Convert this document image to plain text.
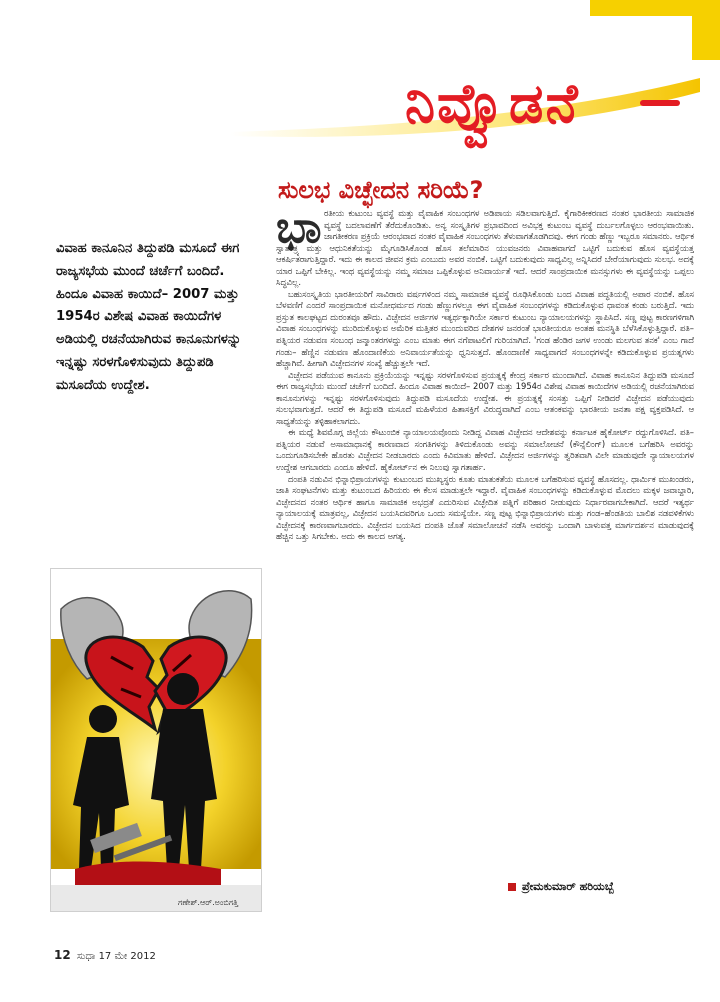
ನಿವ್ವೊಡನೆ
ಸುಲಭ ವಿಚ್ಛೇದನ ಸರಿಯೆ?
ವಿವಾಹ ಕಾನೂನಿನ ತಿದ್ದುಪಡಿ ಮಸೂದೆ ಈಗ ರಾಜ್ಯಸಭೆಯ ಮುಂದೆ ಚರ್ಚೆಗೆ ಬಂದಿದೆ. ಹಿಂದೂ ವಿವಾಹ ಕಾಯಿದೆ– 2007 ಮತ್ತು 1954ರ ವಿಶೇಷ ವಿವಾಹ ಕಾಯಿದೆಗಳ ಅಡಿಯಲ್ಲಿ ರಚನೆಯಾಗಿರುವ ಕಾನೂನುಗಳನ್ನು ಇನ್ನಷ್ಟು ಸರಳಗೊಳಿಸುವುದು ತಿದ್ದುಪಡಿ ಮಸೂದೆಯ ಉದ್ದೇಶ.
ಭಾ ರತೀಯ ಕುಟುಂಬ ವ್ಯವಸ್ಥೆ ಮತ್ತು ವೈವಾಹಿಕ ಸಂಬಂಧಗಳ ಅಡಿಪಾಯ ಸಡಿಲವಾಗುತ್ತಿದೆ. ಕೈಗಾರಿಕೀಕರಣದ ನಂತರ ಭಾರತೀಯ ಸಾಮಾಜಿಕ ವ್ಯವಸ್ಥೆ ಬದಲಾವಣೆಗೆ ತೆರೆದುಕೊಂಡಿತು. ಅನ್ಯ ಸಂಸ್ಕೃತಿಗಳ ಪ್ರಭಾವದಿಂದ ಅವಿಭಕ್ತ ಕುಟುಂಬ ವ್ಯವಸ್ಥೆ ದುರ್ಬಲಗೊಳ್ಳಲು ಆರಂಭವಾಯಿತು. ಜಾಗತೀಕರಣ ಪ್ರಕ್ರಿಯೆ ಆರಂಭವಾದ ನಂತರ ವೈವಾಹಿಕ ಸಂಬಂಧಗಳು ತೆಳುವಾಗತೊಡಗಿದವು. ಈಗ ಗಂಡು ಹೆಣ್ಣು ಇಬ್ಬರೂ ಸಮಾನರು. ಆರ್ಥಿಕ ಸ್ವಾತಂತ್ರ್ಯ ಮತ್ತು ಆಧುನಿಕತೆಯನ್ನು ಮೈಗೂಡಿಸಿಕೊಂಡ ಹೊಸ ತಲೆಮಾರಿನ ಯುವಜನರು ವಿವಾಹವಾಗದೆ ಒಟ್ಟಿಗೆ ಬದುಕುವ ಹೊಸ ವ್ಯವಸ್ಥೆಯತ್ತ ಆಕರ್ಷಿತರಾಗುತ್ತಿದ್ದಾರೆ. ಇದು ಈ ಕಾಲದ ಜೀವನ ಕ್ರಮ ಎಂಬುದು ಅವರ ನಂಬಿಕೆ. ಒಟ್ಟಿಗೆ ಬದುಕುವುದು ಸಾಧ್ಯವಿಲ್ಲ ಅನ್ನಿಸಿದರೆ ಬೇರೆಯಾಗುವುದು ಸುಲಭ. ಅದಕ್ಕೆ ಯಾರ ಒಪ್ಪಿಗೆ ಬೇಕಿಲ್ಲ. ಇಂಥ ವ್ಯವಸ್ಥೆಯನ್ನು ನಮ್ಮ ಸಮಾಜ ಒಪ್ಪಿಕೊಳ್ಳುವ ಅನಿವಾರ್ಯತೆ ಇದೆ. ಆದರೆ ಸಾಂಪ್ರದಾಯಿಕ ಮನಸ್ಸುಗಳು ಈ ವ್ಯವಸ್ಥೆಯನ್ನು ಒಪ್ಪಲು ಸಿದ್ಧವಿಲ್ಲ.

ಬಹುಸಂಸ್ಕೃತಿಯ ಭಾರತೀಯರಿಗೆ ಸಾವಿರಾರು ವರ್ಷಗಳಿಂದ ನಮ್ಮ ಸಾಮಾಜಿಕ ವ್ಯವಸ್ಥೆ ರೂಢಿಸಿಕೊಂಡು ಬಂದ ವಿವಾಹ ಪದ್ಧತಿಯಲ್ಲಿ ಅಪಾರ ನಂಬಿಕೆ. ಹೊಸ ಬೆಳವಣಿಗೆ ಎಂದರೆ ಸಾಂಪ್ರದಾಯಿಕ ಮನೋಧರ್ಮದ ಗಂಡು ಹೆಣ್ಣುಗಳಲ್ಲೂ ಈಗ ವೈವಾಹಿಕ ಸಂಬಂಧಗಳನ್ನು ಕಡಿದುಕೊಳ್ಳುವ ಧಾವಂತ ಕಂಡು ಬರುತ್ತಿದೆ. ಇದು ಪ್ರಸ್ತುತ ಕಾಲಘಟ್ಟದ ದುರಂತವೂ ಹೌದು. ವಿಚ್ಛೇದನ ಅರ್ಜಿಗಳ ಇತ್ಯರ್ಥಕ್ಕಾಗಿಯೇ ಸರ್ಕಾರ ಕುಟುಂಬ ನ್ಯಾಯಾಲಯಗಳನ್ನು ಸ್ಥಾಪಿಸಿದೆ. ಸಣ್ಣ ಪುಟ್ಟ ಕಾರಣಗಳಿಗಾಗಿ ವಿವಾಹ ಸಂಬಂಧಗಳನ್ನು ಮುರಿದುಕೊಳ್ಳುವ ಅಮೆರಿಕ ಮತ್ತಿತರ ಮುಂದುವರಿದ ದೇಶಗಳ ಜನರಂತೆ ಭಾರತೀಯರೂ ಅಂತಹ ಮನಸ್ಥಿತಿ ಬೆಳೆಸಿಕೊಳ್ಳುತ್ತಿದ್ದಾರೆ. ಪತಿ– ಪತ್ನಿಯರ ನಡುವಣ ಸಂಬಂಧ ಜನ್ಮಾಂತರಗಳದ್ದು ಎಂಬ ಮಾತು ಈಗ ನಗೆಪಾಟಲಿಗೆ ಗುರಿಯಾಗಿದೆ. 'ಗಂಡ ಹೆಂಡಿರ ಜಗಳ ಉಂಡು ಮಲಗುವ ತನಕ' ಎಂಬ ಗಾದೆ ಗಂಡು– ಹೆಣ್ಣಿನ ನಡುವಣ ಹೊಂದಾಣಿಕೆಯ ಅನಿವಾರ್ಯತೆಯನ್ನು ಧ್ವನಿಸುತ್ತದೆ. ಹೊಂದಾಣಿಕೆ ಸಾಧ್ಯವಾಗದೆ ಸಂಬಂಧಗಳನ್ನೇ ಕಡಿದುಕೊಳ್ಳುವ ಪ್ರಯತ್ನಗಳು ಹೆಚ್ಚಾಗಿವೆ. ಹೀಗಾಗಿ ವಿಚ್ಛೇದನಗಳ ಸಂಖ್ಯೆ ಹೆಚ್ಚುತ್ತಲೇ ಇದೆ.

ವಿಚ್ಛೇದನ ಪಡೆಯುವ ಕಾನೂನು ಪ್ರಕ್ರಿಯೆಯನ್ನು ಇನ್ನಷ್ಟು ಸರಳಗೊಳಿಸುವ ಪ್ರಯತ್ನಕ್ಕೆ ಕೇಂದ್ರ ಸರ್ಕಾರ ಮುಂದಾಗಿದೆ. ವಿವಾಹ ಕಾನೂನಿನ ತಿದ್ದುಪಡಿ ಮಸೂದೆ ಈಗ ರಾಜ್ಯಸಭೆಯ ಮುಂದೆ ಚರ್ಚೆಗೆ ಬಂದಿದೆ. ಹಿಂದೂ ವಿವಾಹ ಕಾಯಿದೆ– 2007 ಮತ್ತು 1954ರ ವಿಶೇಷ ವಿವಾಹ ಕಾಯಿದೆಗಳ ಅಡಿಯಲ್ಲಿ ರಚನೆಯಾಗಿರುವ ಕಾನೂನುಗಳನ್ನು ಇನ್ನಷ್ಟು ಸರಳಗೊಳಿಸುವುದು ತಿದ್ದುಪಡಿ ಮಸೂದೆಯ ಉದ್ದೇಶ. ಈ ಪ್ರಯತ್ನಕ್ಕೆ ಸಂಸತ್ತು ಒಪ್ಪಿಗೆ ನೀಡಿದರೆ ವಿಚ್ಛೇದನ ಪಡೆಯುವುದು ಸುಲಭವಾಗುತ್ತದೆ. ಆದರೆ ಈ ತಿದ್ದುಪಡಿ ಮಸೂದೆ ಮಹಿಳೆಯರ ಹಿತಾಸಕ್ತಿಗೆ ವಿರುದ್ಧವಾಗಿದೆ ಎಂಬ ಆತಂಕವನ್ನು ಭಾರತೀಯ ಜನತಾ ಪಕ್ಷ ವ್ಯಕ್ತಪಡಿಸಿದೆ. ಆ ಸಾಧ್ಯತೆಯನ್ನು ತಳ್ಳಿಹಾಕಲಾಗದು.

ಈ ಮಧ್ಯೆ ಶಿವಮೊಗ್ಗ ಜಿಲ್ಲೆಯ ಕೌಟುಂಬಿಕ ನ್ಯಾಯಾಲಯವೊಂದು ನೀಡಿದ್ದ ವಿವಾಹ ವಿಚ್ಛೇದನ ಆದೇಶವನ್ನು ಕರ್ನಾಟಕ ಹೈಕೋರ್ಟ್ ರದ್ದುಗೊಳಿಸಿದೆ. ಪತಿ– ಪತ್ನಿಯರ ನಡುವೆ ಅಸಾಮಾಧಾನಕ್ಕೆ ಕಾರಣವಾದ ಸಂಗತಿಗಳನ್ನು ತಿಳಿದುಕೊಂಡು ಅವನ್ನು ಸಮಾಲೋಚನೆ (ಕೌನ್ಸೆಲಿಂಗ್) ಮೂಲಕ ಬಗೆಹರಿಸಿ ಅವರನ್ನು ಒಂದುಗೂಡಿಸಬೇಕೇ ಹೊರತು ವಿಚ್ಛೇದನ ನೀಡಬಾರದು ಎಂದು ಕಿವಿಮಾತು ಹೇಳಿದೆ. ವಿಚ್ಛೇದನ ಅರ್ಜಿಗಳನ್ನು ತ್ವರಿತವಾಗಿ ವಿಲೇ ಮಾಡುವುದೇ ನ್ಯಾಯಾಲಯಗಳ ಉದ್ದೇಶ ಆಗಬಾರದು ಎಂದೂ ಹೇಳಿದೆ. ಹೈಕೋರ್ಟ್‌ನ ಈ ನಿಲುವು ಸ್ವಾಗತಾರ್ಹ.

ದಂಪತಿ ನಡುವಿನ ಭಿನ್ನಾಭಿಪ್ರಾಯಗಳನ್ನು ಕುಟುಂಬದ ಮುಖ್ಯಸ್ಥರು ಕೂತು ಮಾತುಕತೆಯ ಮೂಲಕ ಬಗೆಹರಿಸುವ ವ್ಯವಸ್ಥೆ ಹೊಸದಲ್ಲ. ಧಾರ್ಮಿಕ ಮುಖಂಡರು, ಜಾತಿ ಸಂಘಟನೆಗಳು ಮತ್ತು ಕುಟುಂಬದ ಹಿರಿಯರು ಈ ಕೆಲಸ ಮಾಡುತ್ತಲೇ ಇದ್ದಾರೆ. ವೈವಾಹಿಕ ಸಂಬಂಧಗಳನ್ನು ಕಡಿದುಕೊಳ್ಳುವ ಮೊದಲು ಮಕ್ಕಳ ಜವಾಬ್ದಾರಿ, ವಿಚ್ಛೇದನದ ನಂತರ ಆರ್ಥಿಕ ಹಾಗೂ ಸಾಮಾಜಿಕ ಅಭದ್ರತೆ ಎದುರಿಸುವ ವಿಚ್ಛೇದಿತ ಪತ್ನಿಗೆ ಪರಿಹಾರ ನೀಡುವುದು ನಿರ್ಧಾರವಾಗಬೇಕಾಗಿದೆ. ಆದರೆ ಇತ್ಯರ್ಥ ನ್ಯಾಯಾಲಯಕ್ಕೆ ಮಾತ್ರವಲ್ಲ, ವಿಚ್ಛೇದನ ಬಯಸಿದವರಿಗೂ ಒಂದು ಸಮಸ್ಯೆಯೇ. ಸಣ್ಣ ಪುಟ್ಟ ಭಿನ್ನಾಭಿಪ್ರಾಯಗಳು ಮತ್ತು ಗಂಡ–ಹೆಂಡತಿಯ ಬಾಲಿಶ ನಡವಳಿಕೆಗಳು ವಿಚ್ಛೇದನಕ್ಕೆ ಕಾರಣವಾಗಬಾರದು. ವಿಚ್ಛೇದನ ಬಯಸಿದ ದಂಪತಿ ಜೊತೆ ಸಮಾಲೋಚನೆ ನಡೆಸಿ ಅವರನ್ನು ಒಂದಾಗಿ ಬಾಳುವತ್ತ ಮಾರ್ಗದರ್ಶನ ಮಾಡುವುದಕ್ಕೆ ಹೆಚ್ಚಿನ ಒತ್ತು ಸಿಗಬೇಕು. ಅದು ಈ ಕಾಲದ ಅಗತ್ಯ.

ಗಣೇಶ್.ಆರ್.ಅಂಬಿಗತ್ತಿ
ಪ್ರೇಮಕುಮಾರ್ ಹರಿಯಬ್ಬೆ
12 ಸುಧಾ 17 ಮೇ 2012
